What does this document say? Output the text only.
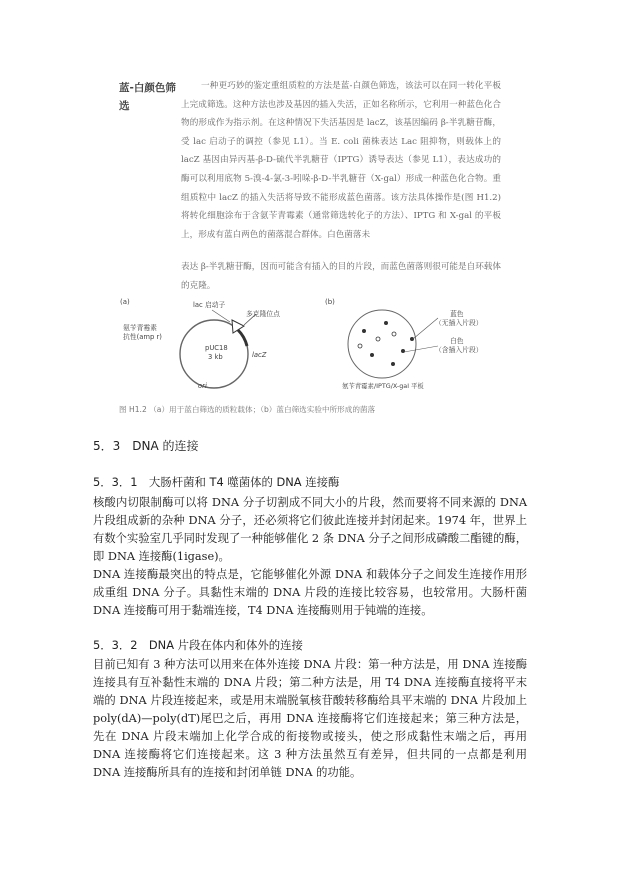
蓝-白颜色筛选

一种更巧妙的鉴定重组质粒的方法是蓝-白颜色筛选，该法可以在同一转化平板上完成筛选。这种方法也涉及基因的插入失活，正如名称所示，它利用一种蓝色化合物的形成作为指示剂。在这种情况下失活基因是 lacZ，该基因编码 β-半乳糖苷酶，受 lac 启动子的调控（参见 L1）。当 E. coli 菌株表达 Lac 阻抑物，则载体上的 lacZ 基因由异丙基-β-D-硫代半乳糖苷（IPTG）诱导表达（参见 L1），表达成功的酶可以利用底物 5-溴-4-氯-3-吲哚-β-D-半乳糖苷（X-gal）形成一种蓝色化合物。重组质粒中 lacZ 的插入失活将导致不能形成蓝色菌落。该方法具体操作是(图 H1.2) 将转化细胞涂布于含氨苄青霉素（通常筛选转化子的方法）、IPTG 和 X-gal 的平板上，形成有蓝白两色的菌落混合群体。白色菌落未

表达 β-半乳糖苷酶，因而可能含有插入的目的片段，而蓝色菌落则很可能是自环载体的克隆。

(a)	lac 启动子
多克隆位点
氨苄青霉素
抗性(amp r)
pUC18
3 kb	lacZ
ori
(b)
蓝色
（无插入片段）
白色
（含插入片段）
氨苄青霉素/IPTG/X-gal 平板
图 H1.2 （a）用于蓝白筛选的质粒载体；（b）蓝白筛选实验中所形成的菌落
5．3　DNA 的连接
5．3．1　大肠杆菌和 T4 噬菌体的 DNA 连接酶

核酸内切限制酶可以将 DNA 分子切割成不同大小的片段，然而要将不同来源的 DNA 片段组成新的杂种 DNA 分子，还必须将它们彼此连接并封闭起来。1974 年，世界上有数个实验室几乎同时发现了一种能够催化 2 条 DNA 分子之间形成磷酸二酯键的酶，即 DNA 连接酶(1igase)。

DNA 连接酶最突出的特点是，它能够催化外源 DNA 和载体分子之间发生连接作用形成重组 DNA 分子。具黏性末端的 DNA 片段的连接比较容易，也较常用。大肠杆菌 DNA 连接酶可用于黏端连接，T4 DNA 连接酶则用于钝端的连接。

5．3．2　DNA 片段在体内和体外的连接

目前已知有 3 种方法可以用来在体外连接 DNA 片段：第一种方法是，用 DNA 连接酶连接具有互补黏性末端的 DNA 片段；第二种方法是，用 T4 DNA 连接酶直接将平末端的 DNA 片段连接起来，或是用末端脱氧核苷酸转移酶给具平末端的 DNA 片段加上 poly(dA)—poly(dT)尾巴之后，再用 DNA 连接酶将它们连接起来；第三种方法是，先在 DNA 片段末端加上化学合成的衔接物或接头，使之形成黏性末端之后，再用 DNA 连接酶将它们连接起来。这 3 种方法虽然互有差异，但共同的一点都是利用 DNA 连接酶所具有的连接和封闭单链 DNA 的功能。
